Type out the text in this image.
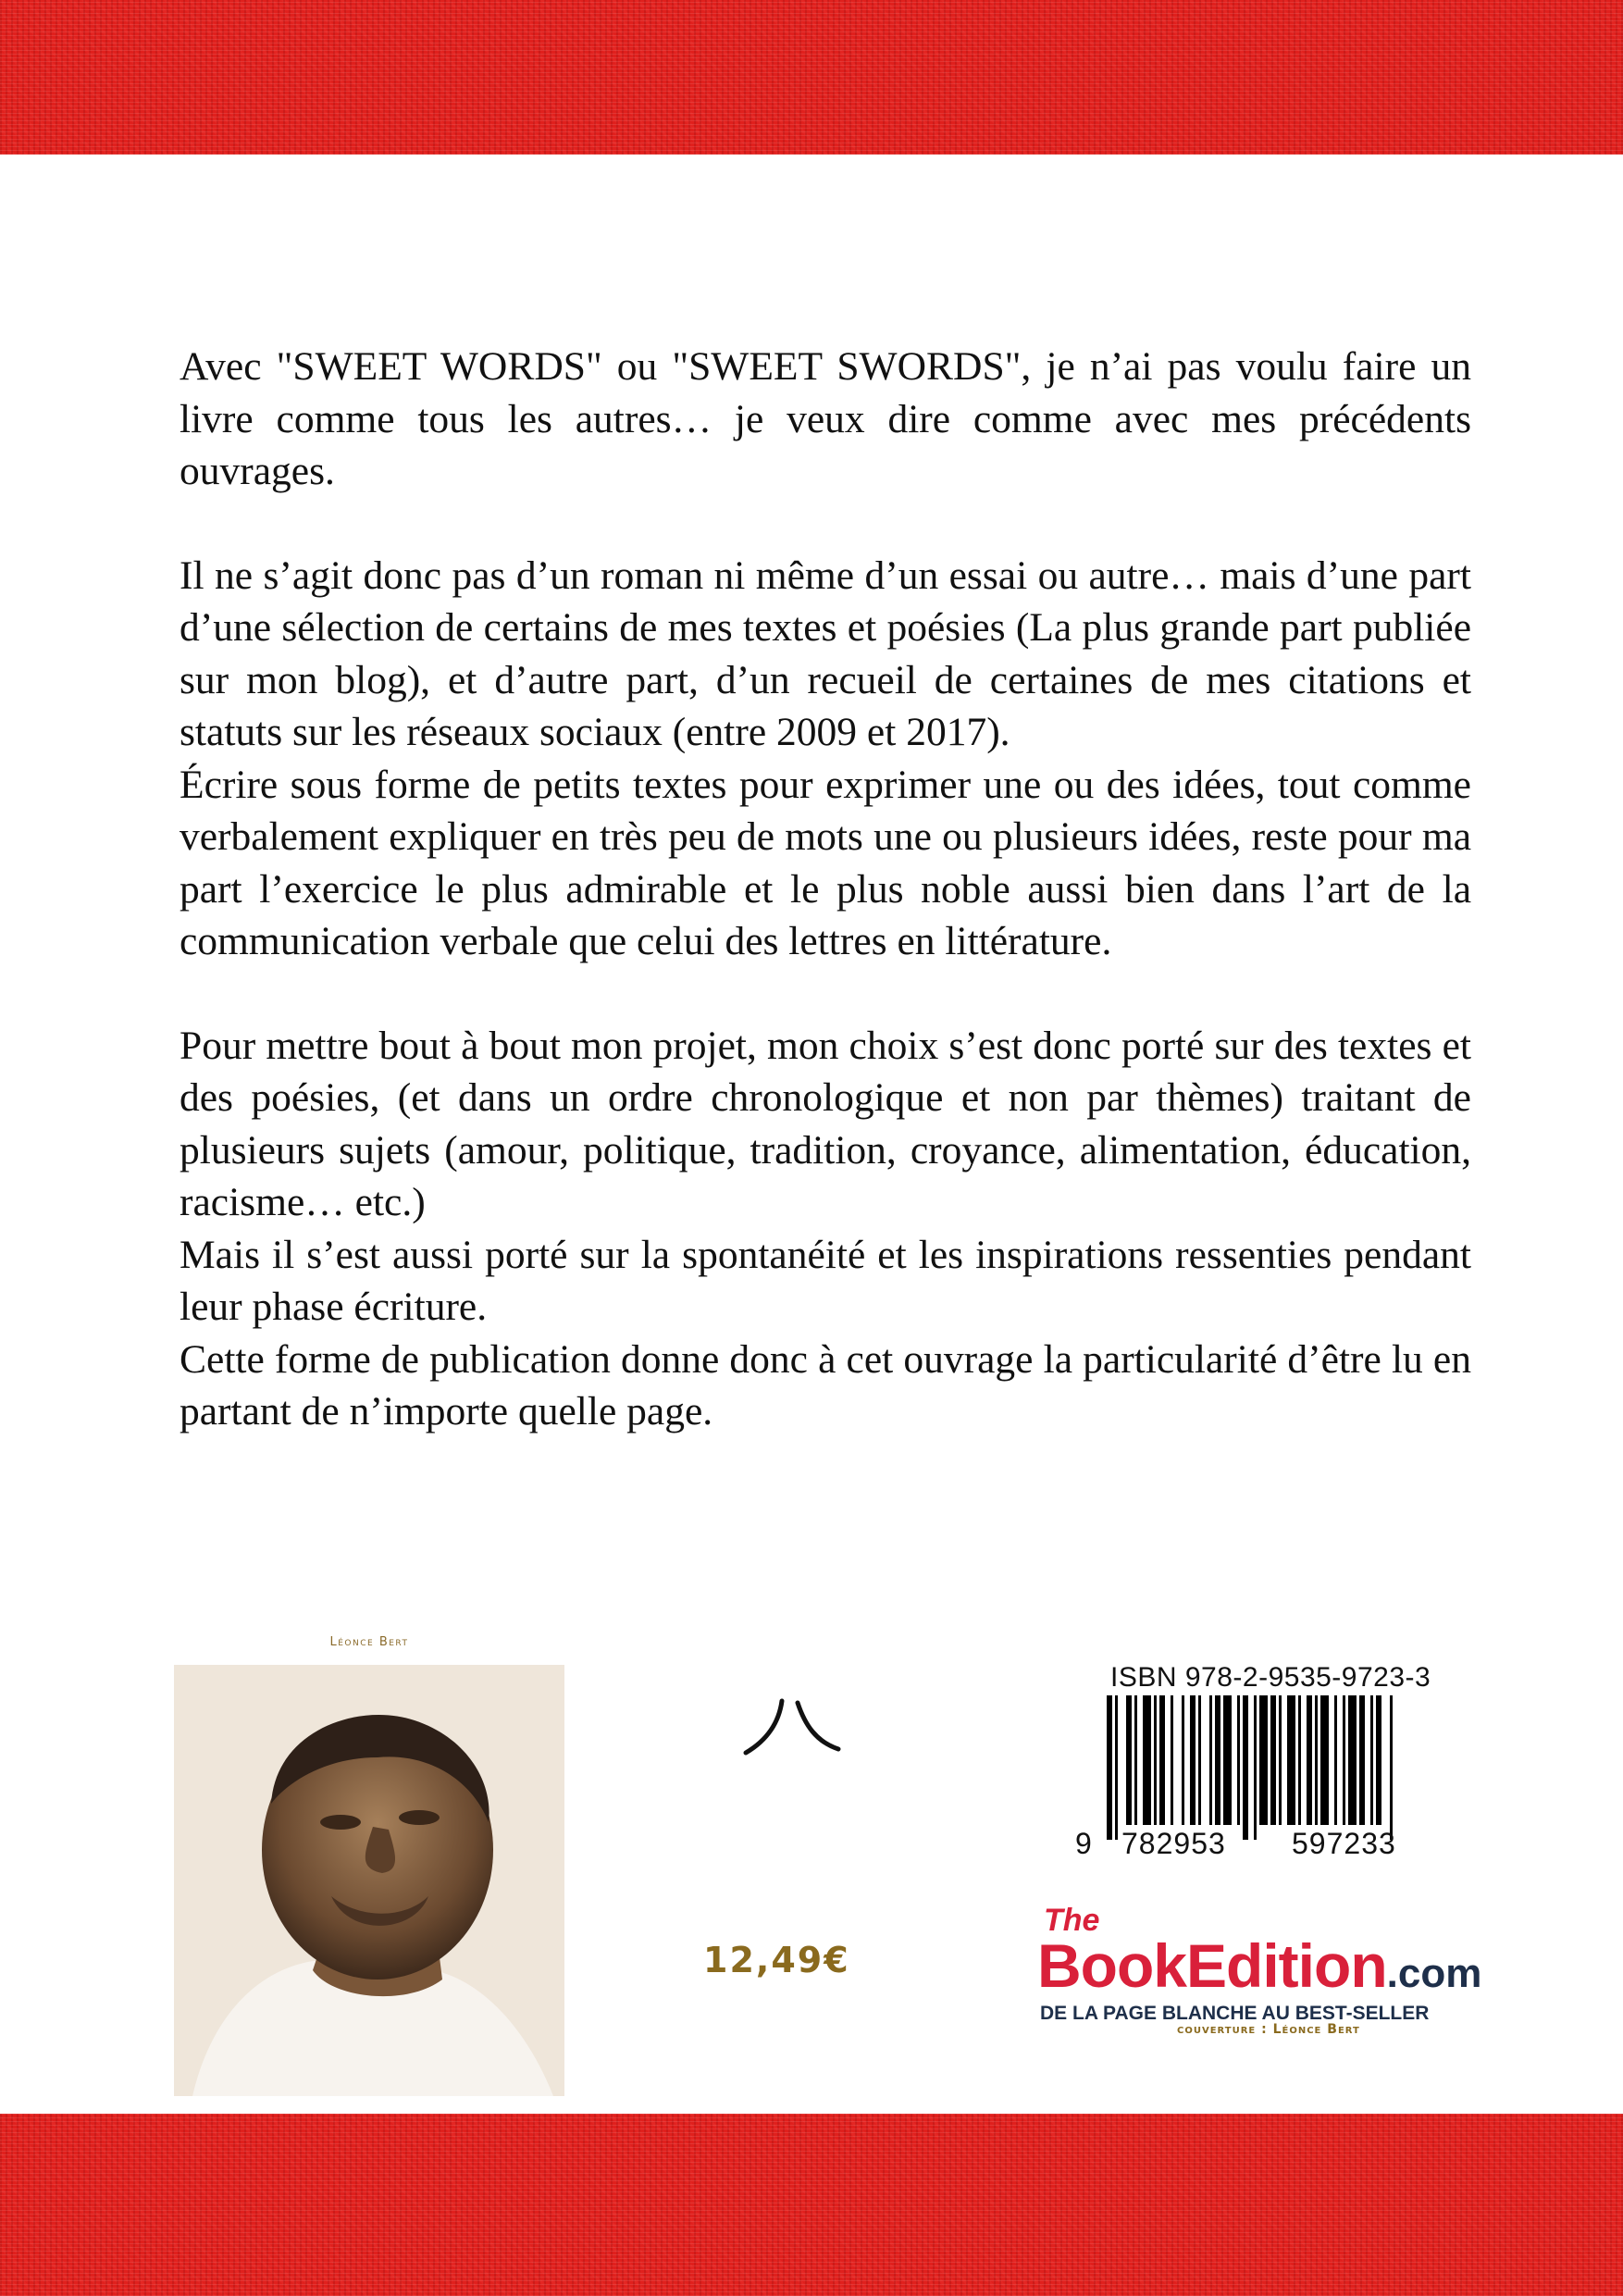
Avec "SWEET WORDS" ou "SWEET SWORDS", je n’ai pas voulu faire un livre comme tous les autres… je veux dire comme avec mes précédents ouvrages.

Il ne s’agit donc pas d’un roman ni même d’un essai ou autre… mais d’une part d’une sélection de certains de mes textes et poésies (La plus grande part publiée sur mon blog), et d’autre part, d’un recueil de certaines de mes citations et statuts sur les réseaux sociaux (entre 2009 et 2017).

Écrire sous forme de petits textes pour exprimer une ou des idées, tout comme verbalement expliquer en très peu de mots une ou plusieurs idées, reste pour ma part l’exercice le plus admirable et le plus noble aussi bien dans l’art de la communication verbale que celui des lettres en littérature.

Pour mettre bout à bout mon projet, mon choix s’est donc porté sur des textes et des poésies, (et dans un ordre chronologique et non par thèmes) traitant de plusieurs sujets (amour, politique, tradition, croyance, alimentation, éducation, racisme… etc.)

Mais il s’est aussi porté sur la spontanéité et les inspirations ressenties pendant leur phase écriture.

Cette forme de publication donne donc à cet ouvrage la particularité d’être lu en partant de n’importe quelle page.

Léonce Bert
12,49€
ISBN 978-2-9535-9723-3
9 782953 597233
The
BookEdition.com
DE LA PAGE BLANCHE AU BEST-SELLER
couverture : Léonce Bert
